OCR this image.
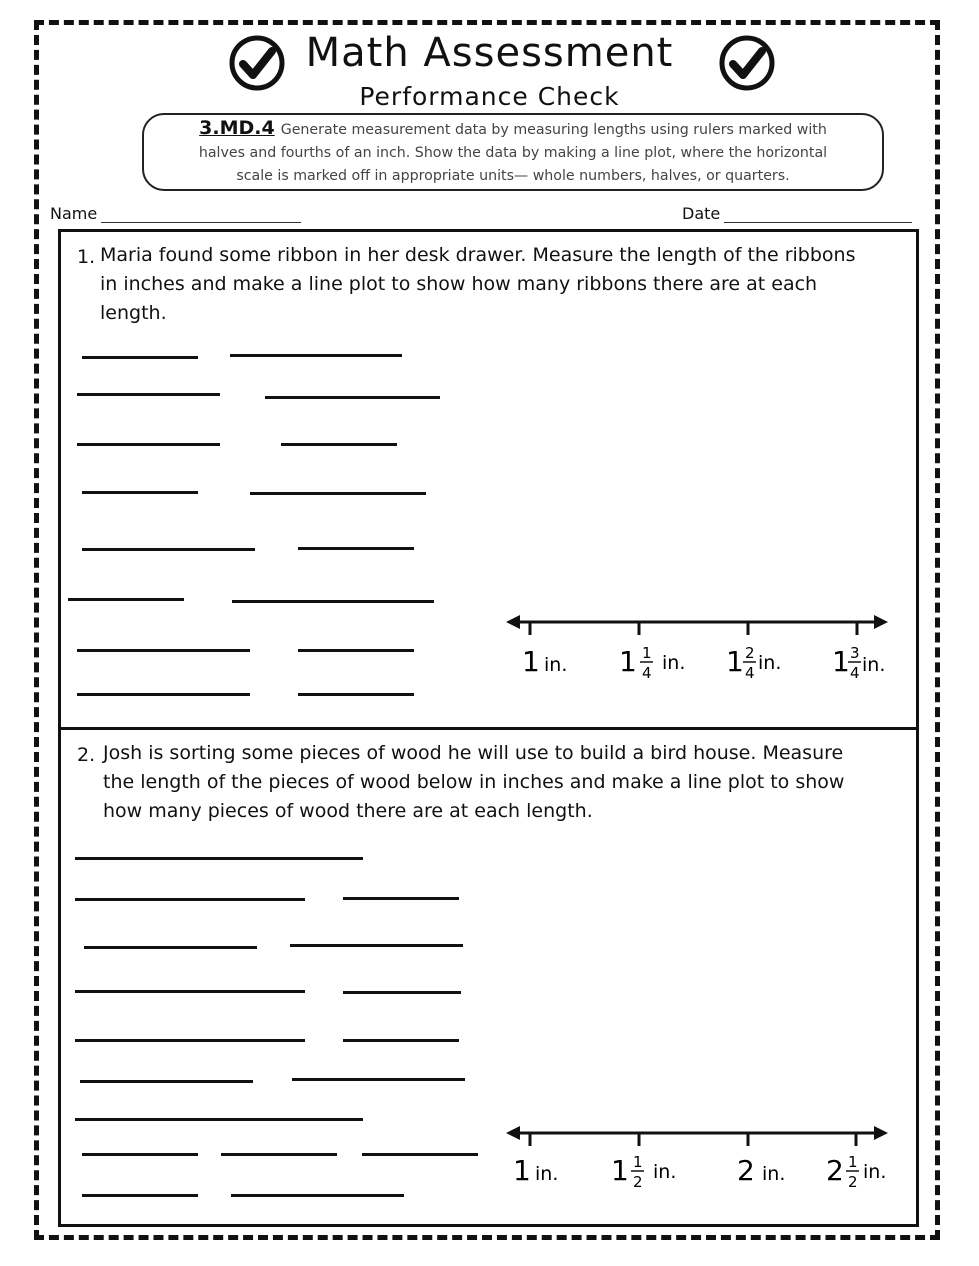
Math Assessment
Performance Check
3.MD.4 Generate measurement data by measuring lengths using rulers marked with
halves and fourths of an inch. Show the data by making a line plot, where the horizontal
scale is marked off in appropriate units— whole numbers, halves, or quarters.
Name	Date
1. Maria found some ribbon in her desk drawer. Measure the length of the ribbons
in inches and make a line plot to show how many ribbons there are at each
length.
1 in. 1 1
4 in. 1 2
4 in. 1 3
4 in.
2. Josh is sorting some pieces of wood he will use to build a bird house. Measure
the length of the pieces of wood below in inches and make a line plot to show
how many pieces of wood there are at each length.
1 in. 1 1
2 in. 2 in. 2 1
2 in.
